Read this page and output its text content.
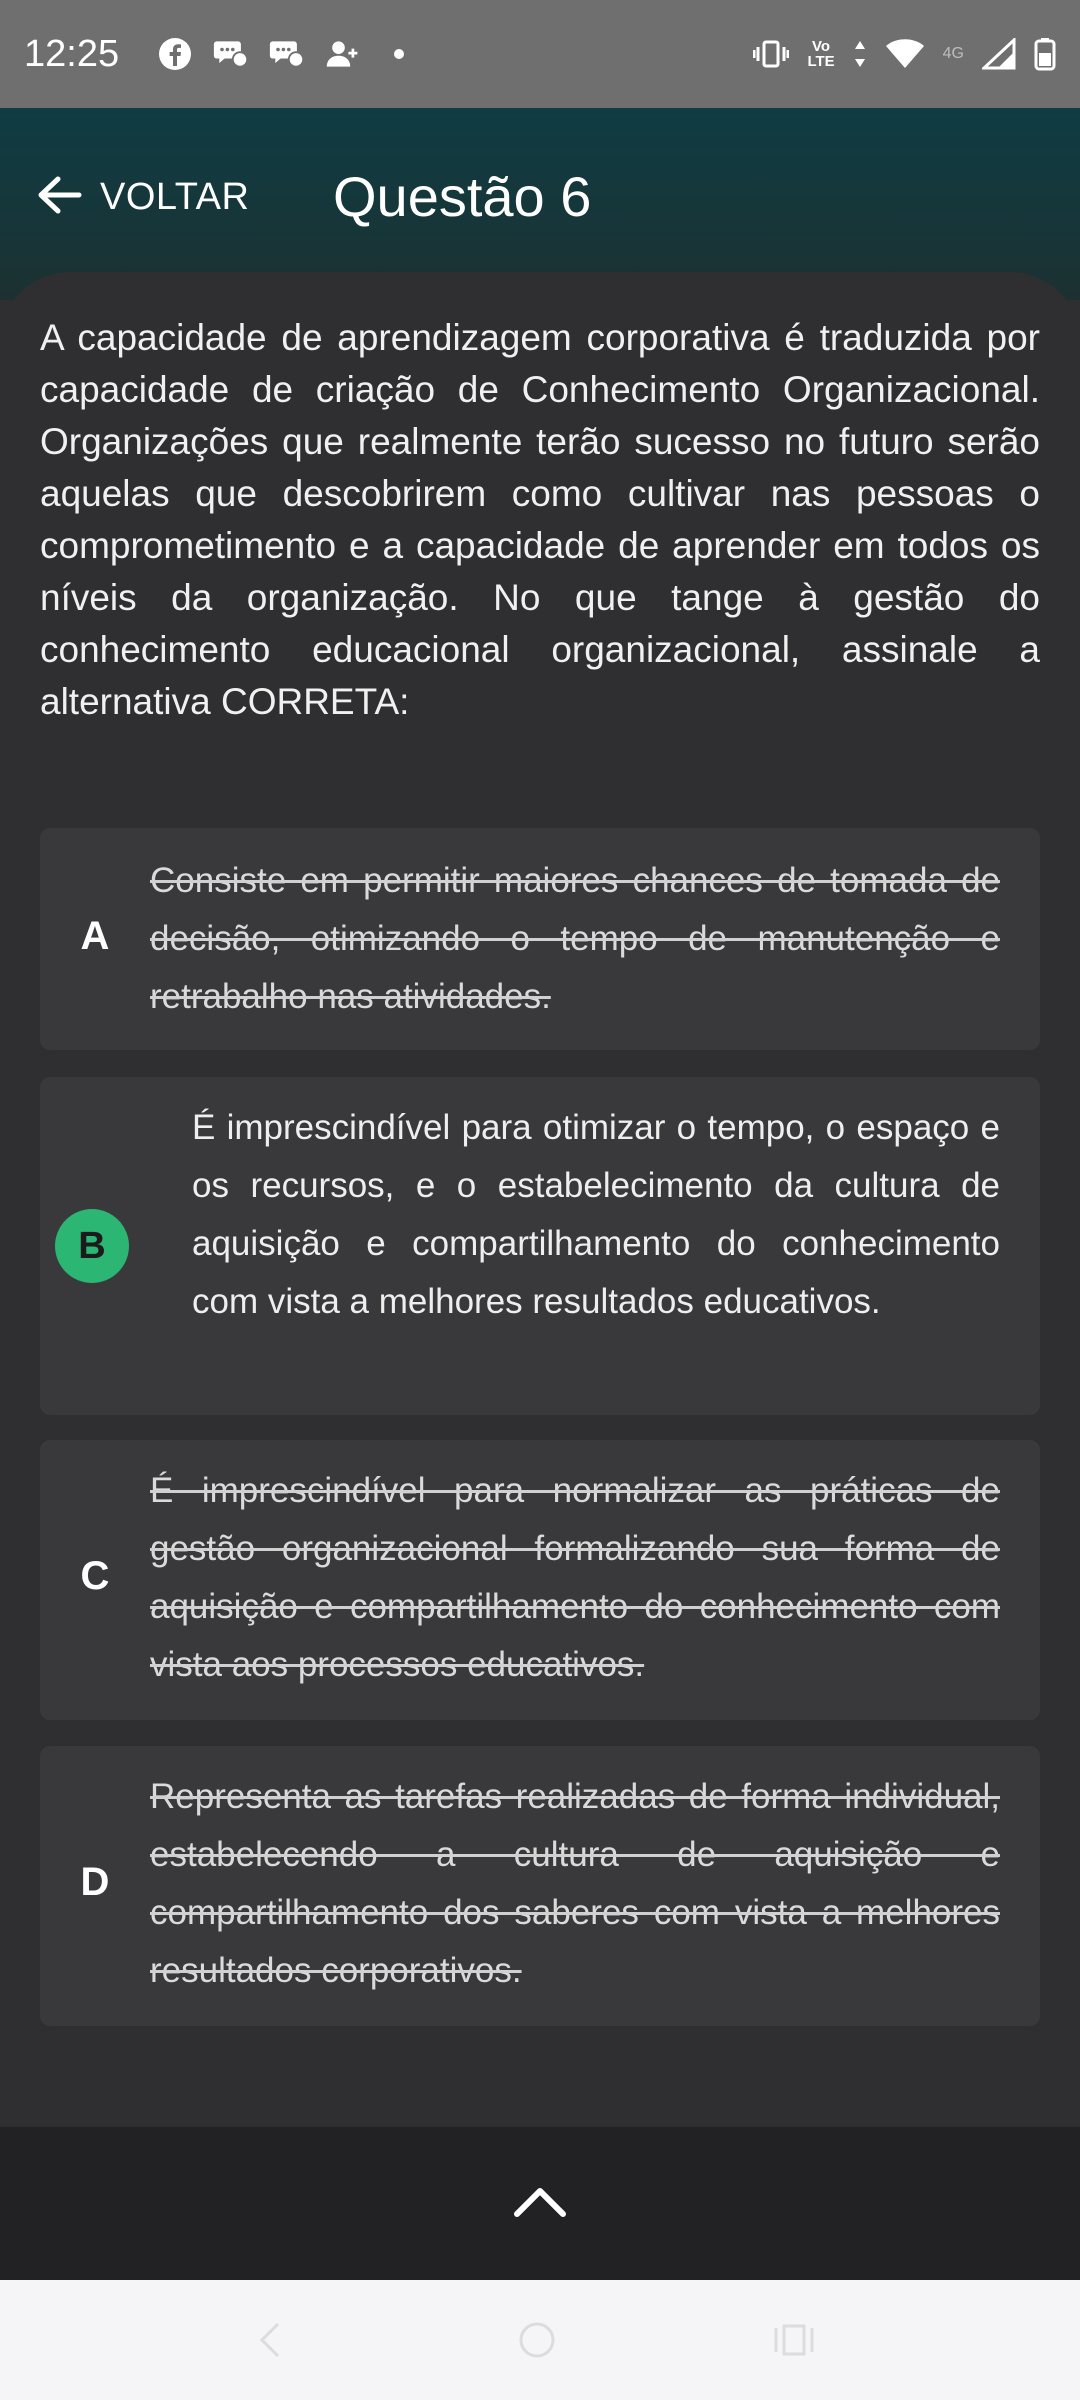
12:25	Vo
LTE	4G
VOLTAR Questão 6

A capacidade de aprendizagem corporativa é traduzida por capacidade de criação de Conhecimento Organizacional. Organizações que realmente terão sucesso no futuro serão aquelas que descobrirem como cultivar nas pessoas o comprometimento e a capacidade de aprender em todos os níveis da organização. No que tange à gestão do conhecimento educacional organizacional, assinale a alternativa CORRETA:

A
Consiste em permitir maiores chances de tomada de decisão, otimizando o tempo de manutenção e retrabalho nas atividades.
B
É imprescindível para otimizar o tempo, o espaço e os recursos, e o estabelecimento da cultura de aquisição e compartilhamento do conhecimento com vista a melhores resultados educativos.
C
É imprescindível para normalizar as práticas de gestão organizacional formalizando sua forma de aquisição e compartilhamento do conhecimento com vista aos processos educativos.
D
Representa as tarefas realizadas de forma individual, estabelecendo a cultura de aquisição e compartilhamento dos saberes com vista a melhores resultados corporativos.
